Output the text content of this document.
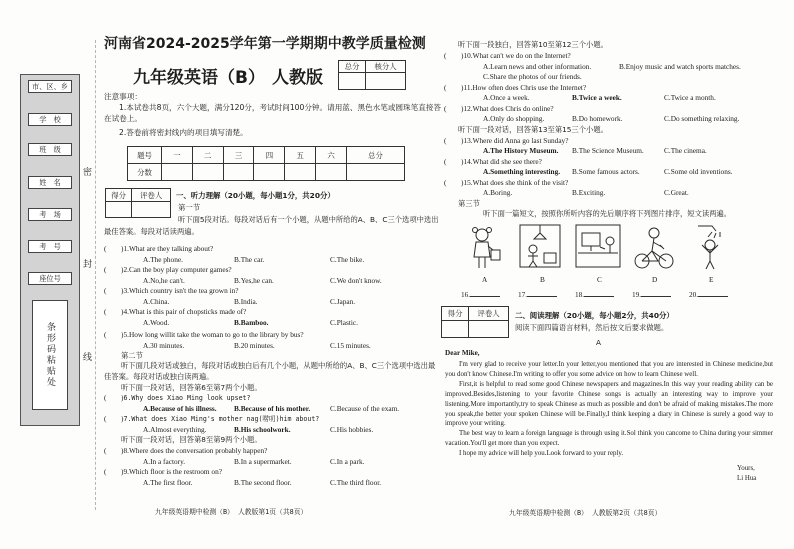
市、区、乡
学　校
班　级
姓　名
考　场
考　号
座位号
条形码粘贴处
密
封
线
河南省2024-2025学年第一学期期中教学质量检测
九年级英语（B） 人教版
总分	核分人

注意事项：
1.本试卷共8页，六个大题，满分120分，考试时间100分钟。请用蓝、黑色水笔或圆珠笔直接答在试卷上。
2.答卷前将密封线内的项目填写清楚。
题号	一	二	三	四	五	六	总分
分数							
得分	评卷人
	一、听力理解（20小题，每小题1分，共20分）
第一节
听下面5段对话。每段对话后有一个小题，从题中所给的A、B、C三个选项中选出最佳答案。每段对话读两遍。
(　　)1.What are they talking about?
A.The phone.	B.The car.	C.The bike.
(　　)2.Can the boy play computer games?
A.No,he can't.	B.Yes,he can.	C.We don't know.
(　　)3.Which country isn't the tea grown in?
A.China.	B.India.	C.Japan.
(　　)4.What is this pair of chopsticks made of?
A.Wood.	B.Bamboo.	C.Plastic.
(　　)5.How long willit take the woman to go to the library by bus?
A.30 minutes.	B.20 minutes.	C.15 minutes.
第二节
听下面几段对话或独白，每段对话或独白后有几个小题，从题中所给的A、B、C三个选项中选出最佳答案。每段对话或独白读两遍。
听下面一段对话，回答第6至第7两个小题。
(　　)6.Why does Xiao Ming look upset?
A.Because of his illness. B.Because of his mother.	C.Because of the exam.
(　　)7.What does Xiao Ming's mother nag(唠叨)him about?
A.Almost everything.	B.His schoolwork.	C.His hobbies.
听下面一段对话，回答第8至第9两个小题。
(　　)8.Where does the conversation probably happen?
A.In a factory.	B.In a supermarket.	C.In a park.
(　　)9.Which floor is the restroom on?
A.The first floor.	B.The second floor.	C.The third floor.
九年级英语期中检测（B） 人教版第1页（共8页）
听下面一段独白，回答第10至第12三个小题。
(　　)10.What can't we do on the Internet?
A.Learn news and other information.	B.Enjoy music and watch sports matches.
C.Share the photos of our friends.
(　　)11.How often does Chris use the Internet?
A.Once a week.	B.Twice a week.	C.Twice a month.
(　　)12.What does Chris do online?
A.Only do shopping.	B.Do homework.	C.Do something relaxing.
听下面一段对话，回答第13至第15三个小题。
(　　)13.Where did Anna go last Sunday?
A.The History Museum. B.The Science Museum.	C.The cinema.
(　　)14.What did she see there?
A.Something interesting. B.Some famous actors.	C.Some old inventions.
(　　)15.What does she think of the visit?
A.Boring.	B.Exciting.	C.Great.
第三节
听下面一篇短文，按照你所听内容的先后顺序将下列图片排序，短文读两遍。
A	B	C	D	E
16.	17.	18.	19.	20.
得分	评卷人
	二、阅读理解（20小题，每小题2分，共40分）
阅读下面四篇语言材料，然后按文后要求做题。
A
Dear Mike,
I'm very glad to receive your letter.In your letter,you mentioned that you are interested in Chinese medicine,but you don't know Chinese.I'm writing to offer you some advice on how to learn Chinese well.
First,it is helpful to read some good Chinese newspapers and magazines.In this way your reading ability can be improved.Besides,listening to your favorite Chinese songs is actually an interesting way to improve your listening.More importantly,try to speak Chinese as much as possible and don't be afraid of making mistakes.The more you speak,the better your spoken Chinese will be.Finally,I think keeping a diary in Chinese is surely a good way to improve your writing.
The best way to learn a foreign language is through using it.Sol think you cancome to China during your simmer vacation.You'll get more than you expect.
I hope my advice will help you.Look forward to your reply.
Yours,
Li Hua
九年级英语期中检测（B） 人教版第2页（共8页）
